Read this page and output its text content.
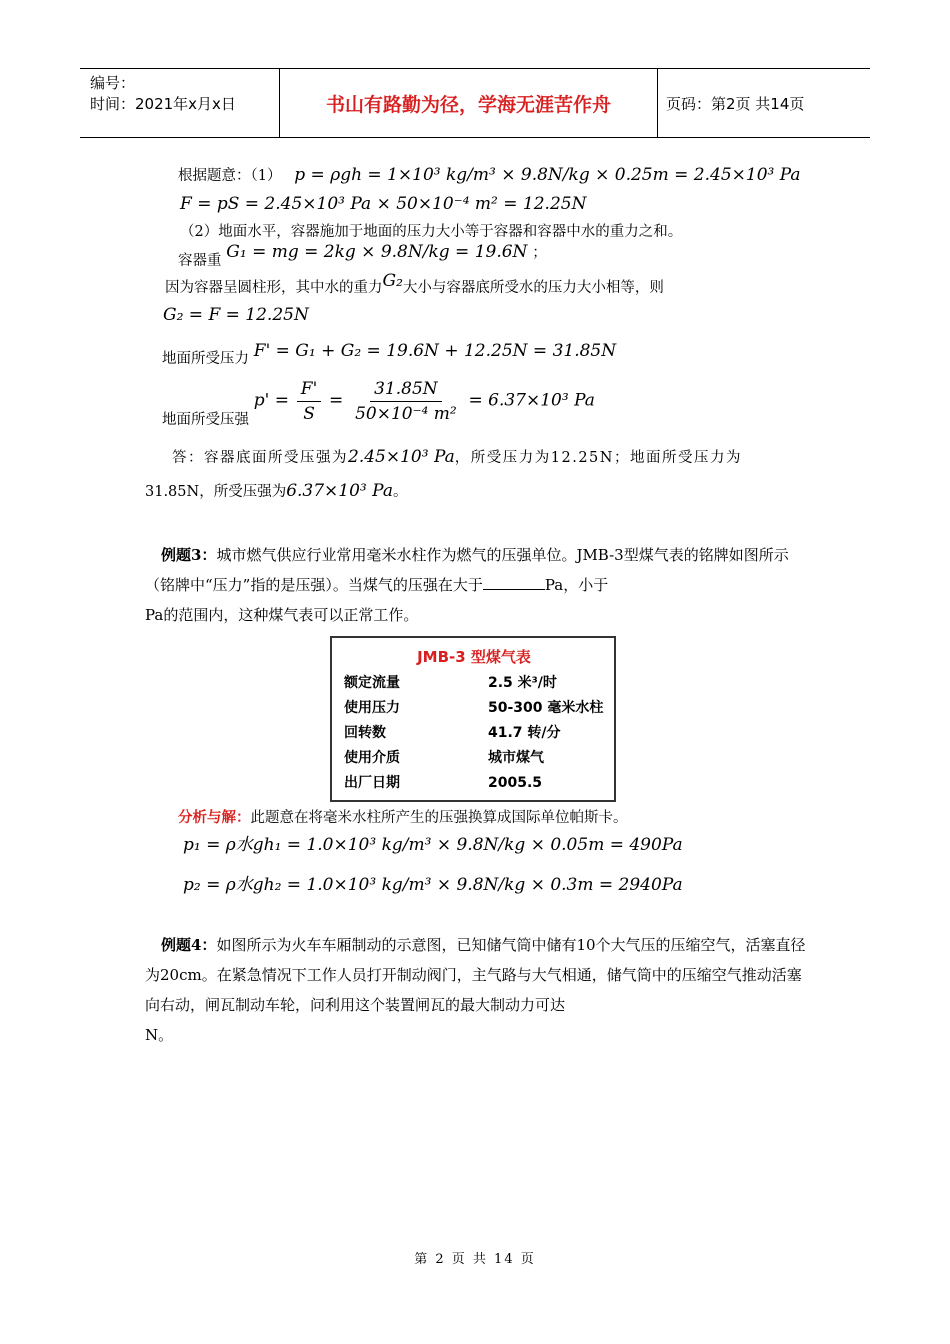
编号：
时间：2021年x月x日	书山有路勤为径，学海无涯苦作舟	页码：第2页 共14页
根据题意：（1） p = ρgh = 1×10³ kg/m³ × 9.8N/kg × 0.25m = 2.45×10³ Pa
F = pS = 2.45×10³ Pa × 50×10⁻⁴ m² = 12.25N
（2）地面水平，容器施加于地面的压力大小等于容器和容器中水的重力之和。
容器重 G₁ = mg = 2kg × 9.8N/kg = 19.6N ；
因为容器呈圆柱形，其中水的重力G₂大小与容器底所受水的压力大小相等，则
G₂ = F = 12.25N
地面所受压力 F' = G₁ + G₂ = 19.6N + 12.25N = 31.85N
地面所受压强 $p' = \frac{F'}{S} = \frac{31.85N}{\text{50×10⁻⁴ m²}} = 6.37\times 10^3$ Pa
答：容器底面所受压强为2.45×10³ Pa，所受压力为12.25N；地面所受压力为
31.85N，所受压强为6.37×10³ Pa。
例题3：城市燃气供应行业常用毫米水柱作为燃气的压强单位。JMB-3型煤气表的铭牌如图所示（铭牌中“压力”指的是压强）。当煤气的压强在大于	Pa，小于
Pa的范围内，这种煤气表可以正常工作。
JMB-3 型煤气表
额定流量	2.5 米³/时
使用压力	50-300 毫米水柱
回转数	41.7 转/分
使用介质	城市煤气
出厂日期	2005.5
分析与解：此题意在将毫米水柱所产生的压强换算成国际单位帕斯卡。
p₁ = ρ水gh₁ = 1.0×10³ kg/m³ × 9.8N/kg × 0.05m = 490Pa
p₂ = ρ水gh₂ = 1.0×10³ kg/m³ × 9.8N/kg × 0.3m = 2940Pa
例题4：如图所示为火车车厢制动的示意图，已知储气筒中储有10个大气压的压缩空气，活塞直径为20cm。在紧急情况下工作人员打开制动阀门，主气路与大气相通，储气筒中的压缩空气推动活塞向右动，闸瓦制动车轮，问利用这个装置闸瓦的最大制动力可达
N。
第 2 页 共 14 页
